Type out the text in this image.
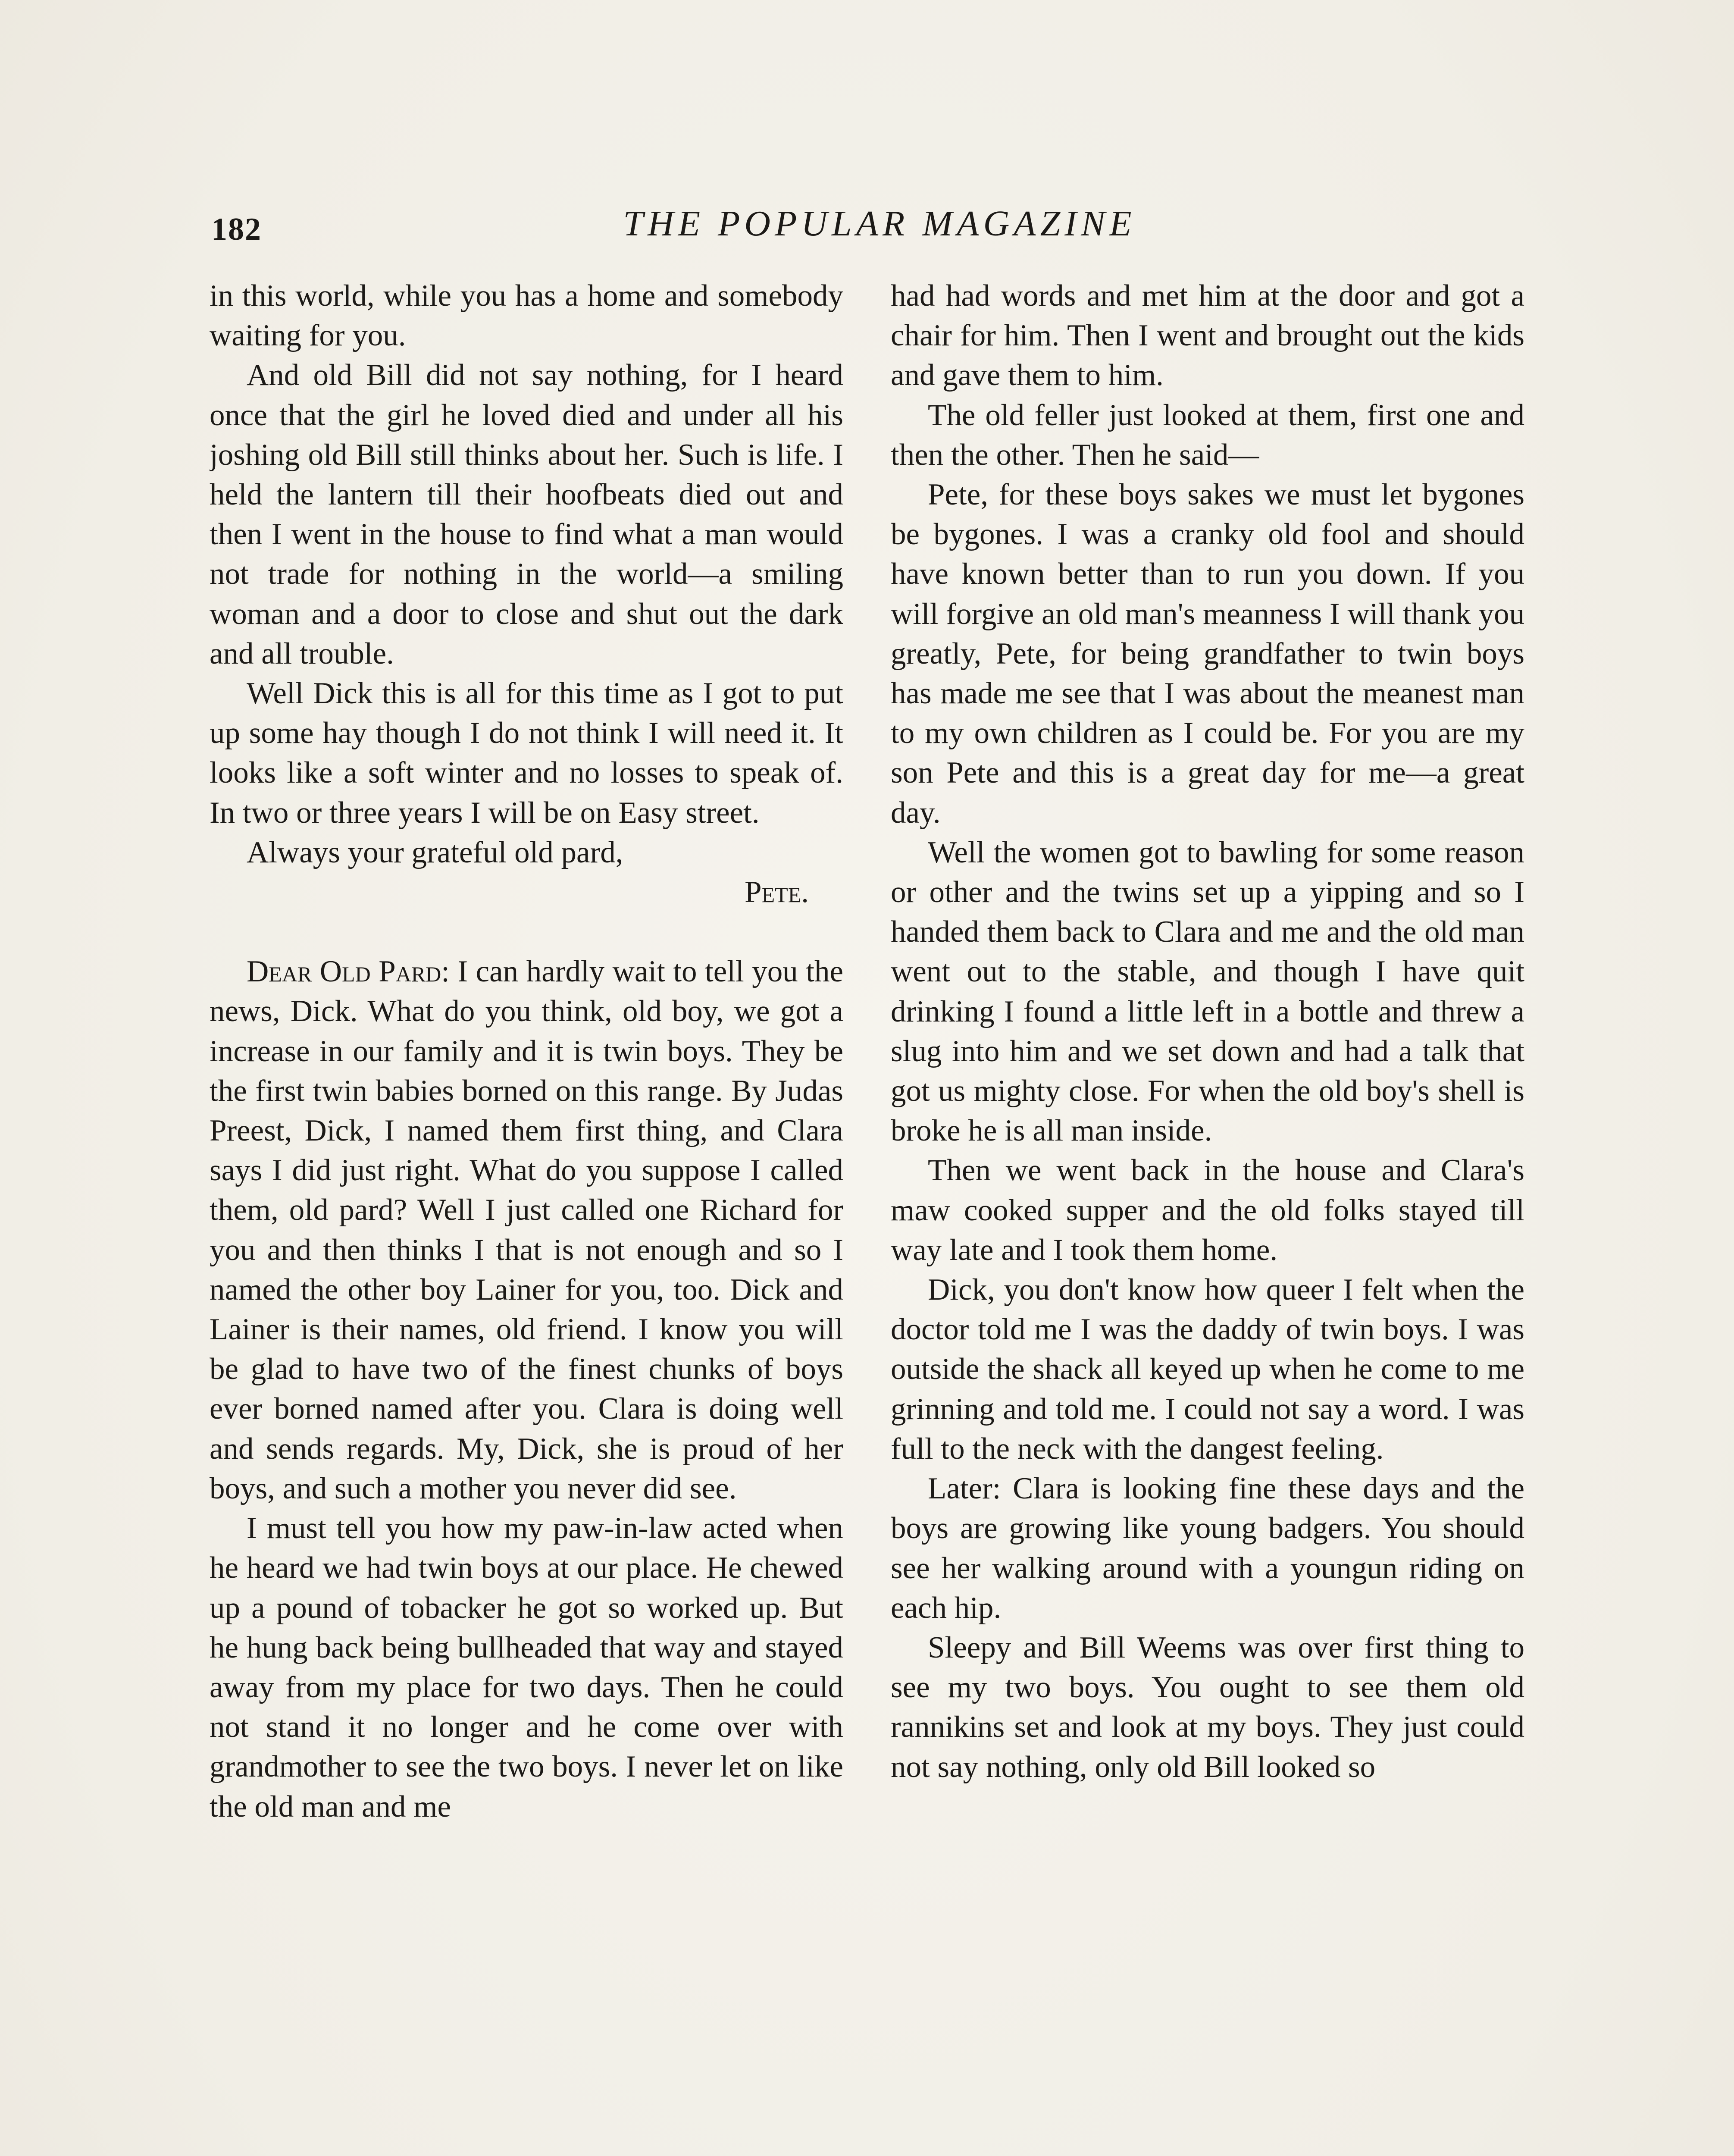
182	THE POPULAR MAGAZINE

in this world, while you has a home and somebody waiting for you.

And old Bill did not say nothing, for I heard once that the girl he loved died and under all his joshing old Bill still thinks about her. Such is life. I held the lantern till their hoofbeats died out and then I went in the house to find what a man would not trade for nothing in the world—a smiling woman and a door to close and shut out the dark and all trouble.

Well Dick this is all for this time as I got to put up some hay though I do not think I will need it. It looks like a soft winter and no losses to speak of. In two or three years I will be on Easy street.

Always your grateful old pard,

Pete.

Dear Old Pard: I can hardly wait to tell you the news, Dick. What do you think, old boy, we got a increase in our family and it is twin boys. They be the first twin babies borned on this range. By Judas Preest, Dick, I named them first thing, and Clara says I did just right. What do you suppose I called them, old pard? Well I just called one Richard for you and then thinks I that is not enough and so I named the other boy Lainer for you, too. Dick and Lainer is their names, old friend. I know you will be glad to have two of the finest chunks of boys ever borned named after you. Clara is doing well and sends regards. My, Dick, she is proud of her boys, and such a mother you never did see.

I must tell you how my paw-in-law acted when he heard we had twin boys at our place. He chewed up a pound of tobacker he got so worked up. But he hung back being bullheaded that way and stayed away from my place for two days. Then he could not stand it no longer and he come over with grandmother to see the two boys. I never let on like the old man and me

had had words and met him at the door and got a chair for him. Then I went and brought out the kids and gave them to him.

The old feller just looked at them, first one and then the other. Then he said—

Pete, for these boys sakes we must let bygones be bygones. I was a cranky old fool and should have known better than to run you down. If you will forgive an old man's meanness I will thank you greatly, Pete, for being grandfather to twin boys has made me see that I was about the meanest man to my own children as I could be. For you are my son Pete and this is a great day for me—a great day.

Well the women got to bawling for some reason or other and the twins set up a yipping and so I handed them back to Clara and me and the old man went out to the stable, and though I have quit drinking I found a little left in a bottle and threw a slug into him and we set down and had a talk that got us mighty close. For when the old boy's shell is broke he is all man inside.

Then we went back in the house and Clara's maw cooked supper and the old folks stayed till way late and I took them home.

Dick, you don't know how queer I felt when the doctor told me I was the daddy of twin boys. I was outside the shack all keyed up when he come to me grinning and told me. I could not say a word. I was full to the neck with the dangest feeling.

Later: Clara is looking fine these days and the boys are growing like young badgers. You should see her walking around with a youngun riding on each hip.

Sleepy and Bill Weems was over first thing to see my two boys. You ought to see them old rannikins set and look at my boys. They just could not say nothing, only old Bill looked so
